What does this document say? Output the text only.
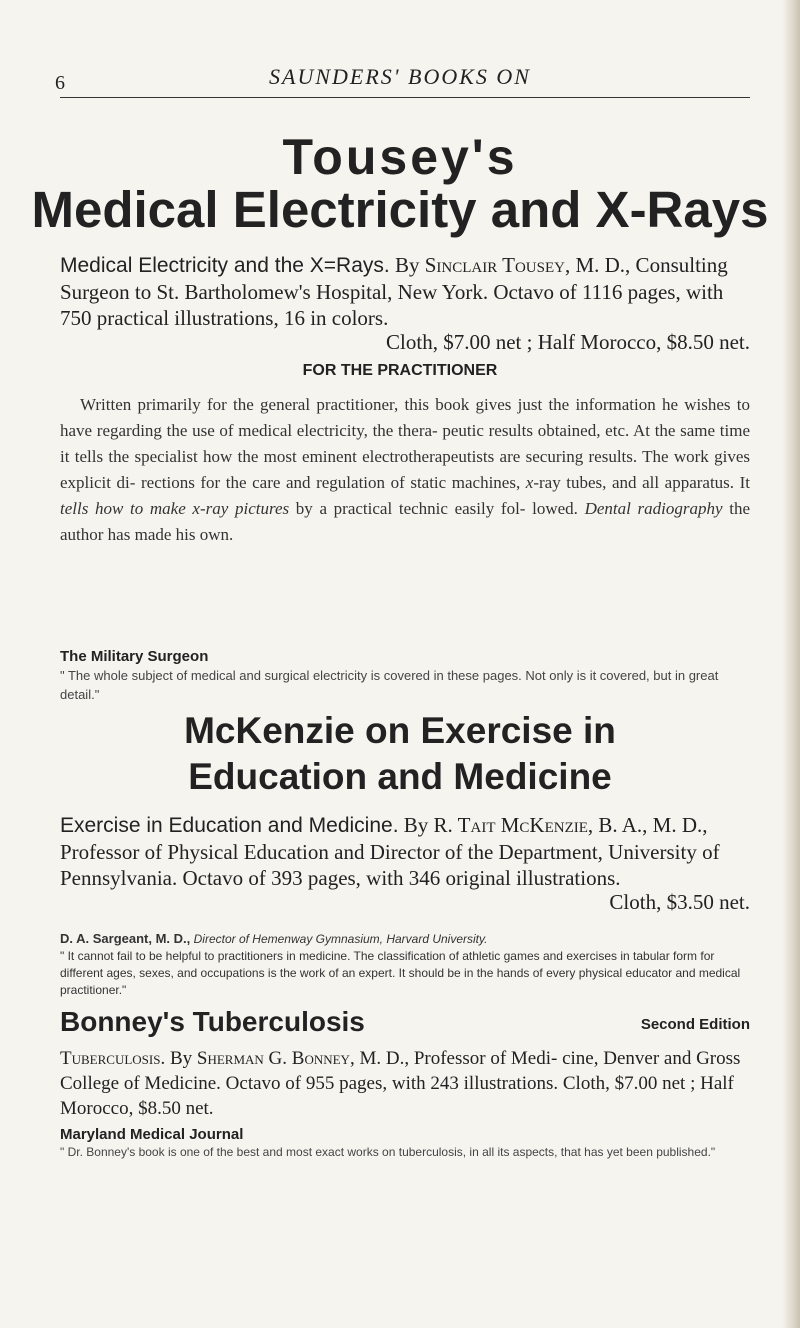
6	SAUNDERS' BOOKS ON
Tousey's
Medical Electricity and X-Rays

Medical Electricity and the X=Rays. By Sinclair Tousey, M. D., Consulting Surgeon to St. Bartholomew's Hospital, New York. Octavo of 1116 pages, with 750 practical illustrations, 16 in colors.

Cloth, $7.00 net ; Half Morocco, $8.50 net.
FOR THE PRACTITIONER

Written primarily for the general practitioner, this book gives just the information he wishes to have regarding the use of medical electricity, the thera- peutic results obtained, etc. At the same time it tells the specialist how the most eminent electrotherapeutists are securing results. The work gives explicit di- rections for the care and regulation of static machines, x-ray tubes, and all apparatus. It tells how to make x-ray pictures by a practical technic easily fol- lowed. Dental radiography the author has made his own.

The Military Surgeon

" The whole subject of medical and surgical electricity is covered in these pages. Not only is it covered, but in great detail."

McKenzie on Exercise in
Education and Medicine

Exercise in Education and Medicine. By R. Tait McKenzie, B. A., M. D., Professor of Physical Education and Director of the Department, University of Pennsylvania. Octavo of 393 pages, with 346 original illustrations.

Cloth, $3.50 net.

D. A. Sargeant, M. D., Director of Hemenway Gymnasium, Harvard University.
" It cannot fail to be helpful to practitioners in medicine. The classification of athletic games and exercises in tabular form for different ages, sexes, and occupations is the work of an expert. It should be in the hands of every physical educator and medical practitioner."

Bonney's Tuberculosis	Second Edition

Tuberculosis. By Sherman G. Bonney, M. D., Professor of Medi- cine, Denver and Gross College of Medicine. Octavo of 955 pages, with 243 illustrations. Cloth, $7.00 net ; Half Morocco, $8.50 net.

Maryland Medical Journal

" Dr. Bonney's book is one of the best and most exact works on tuberculosis, in all its aspects, that has yet been published."
